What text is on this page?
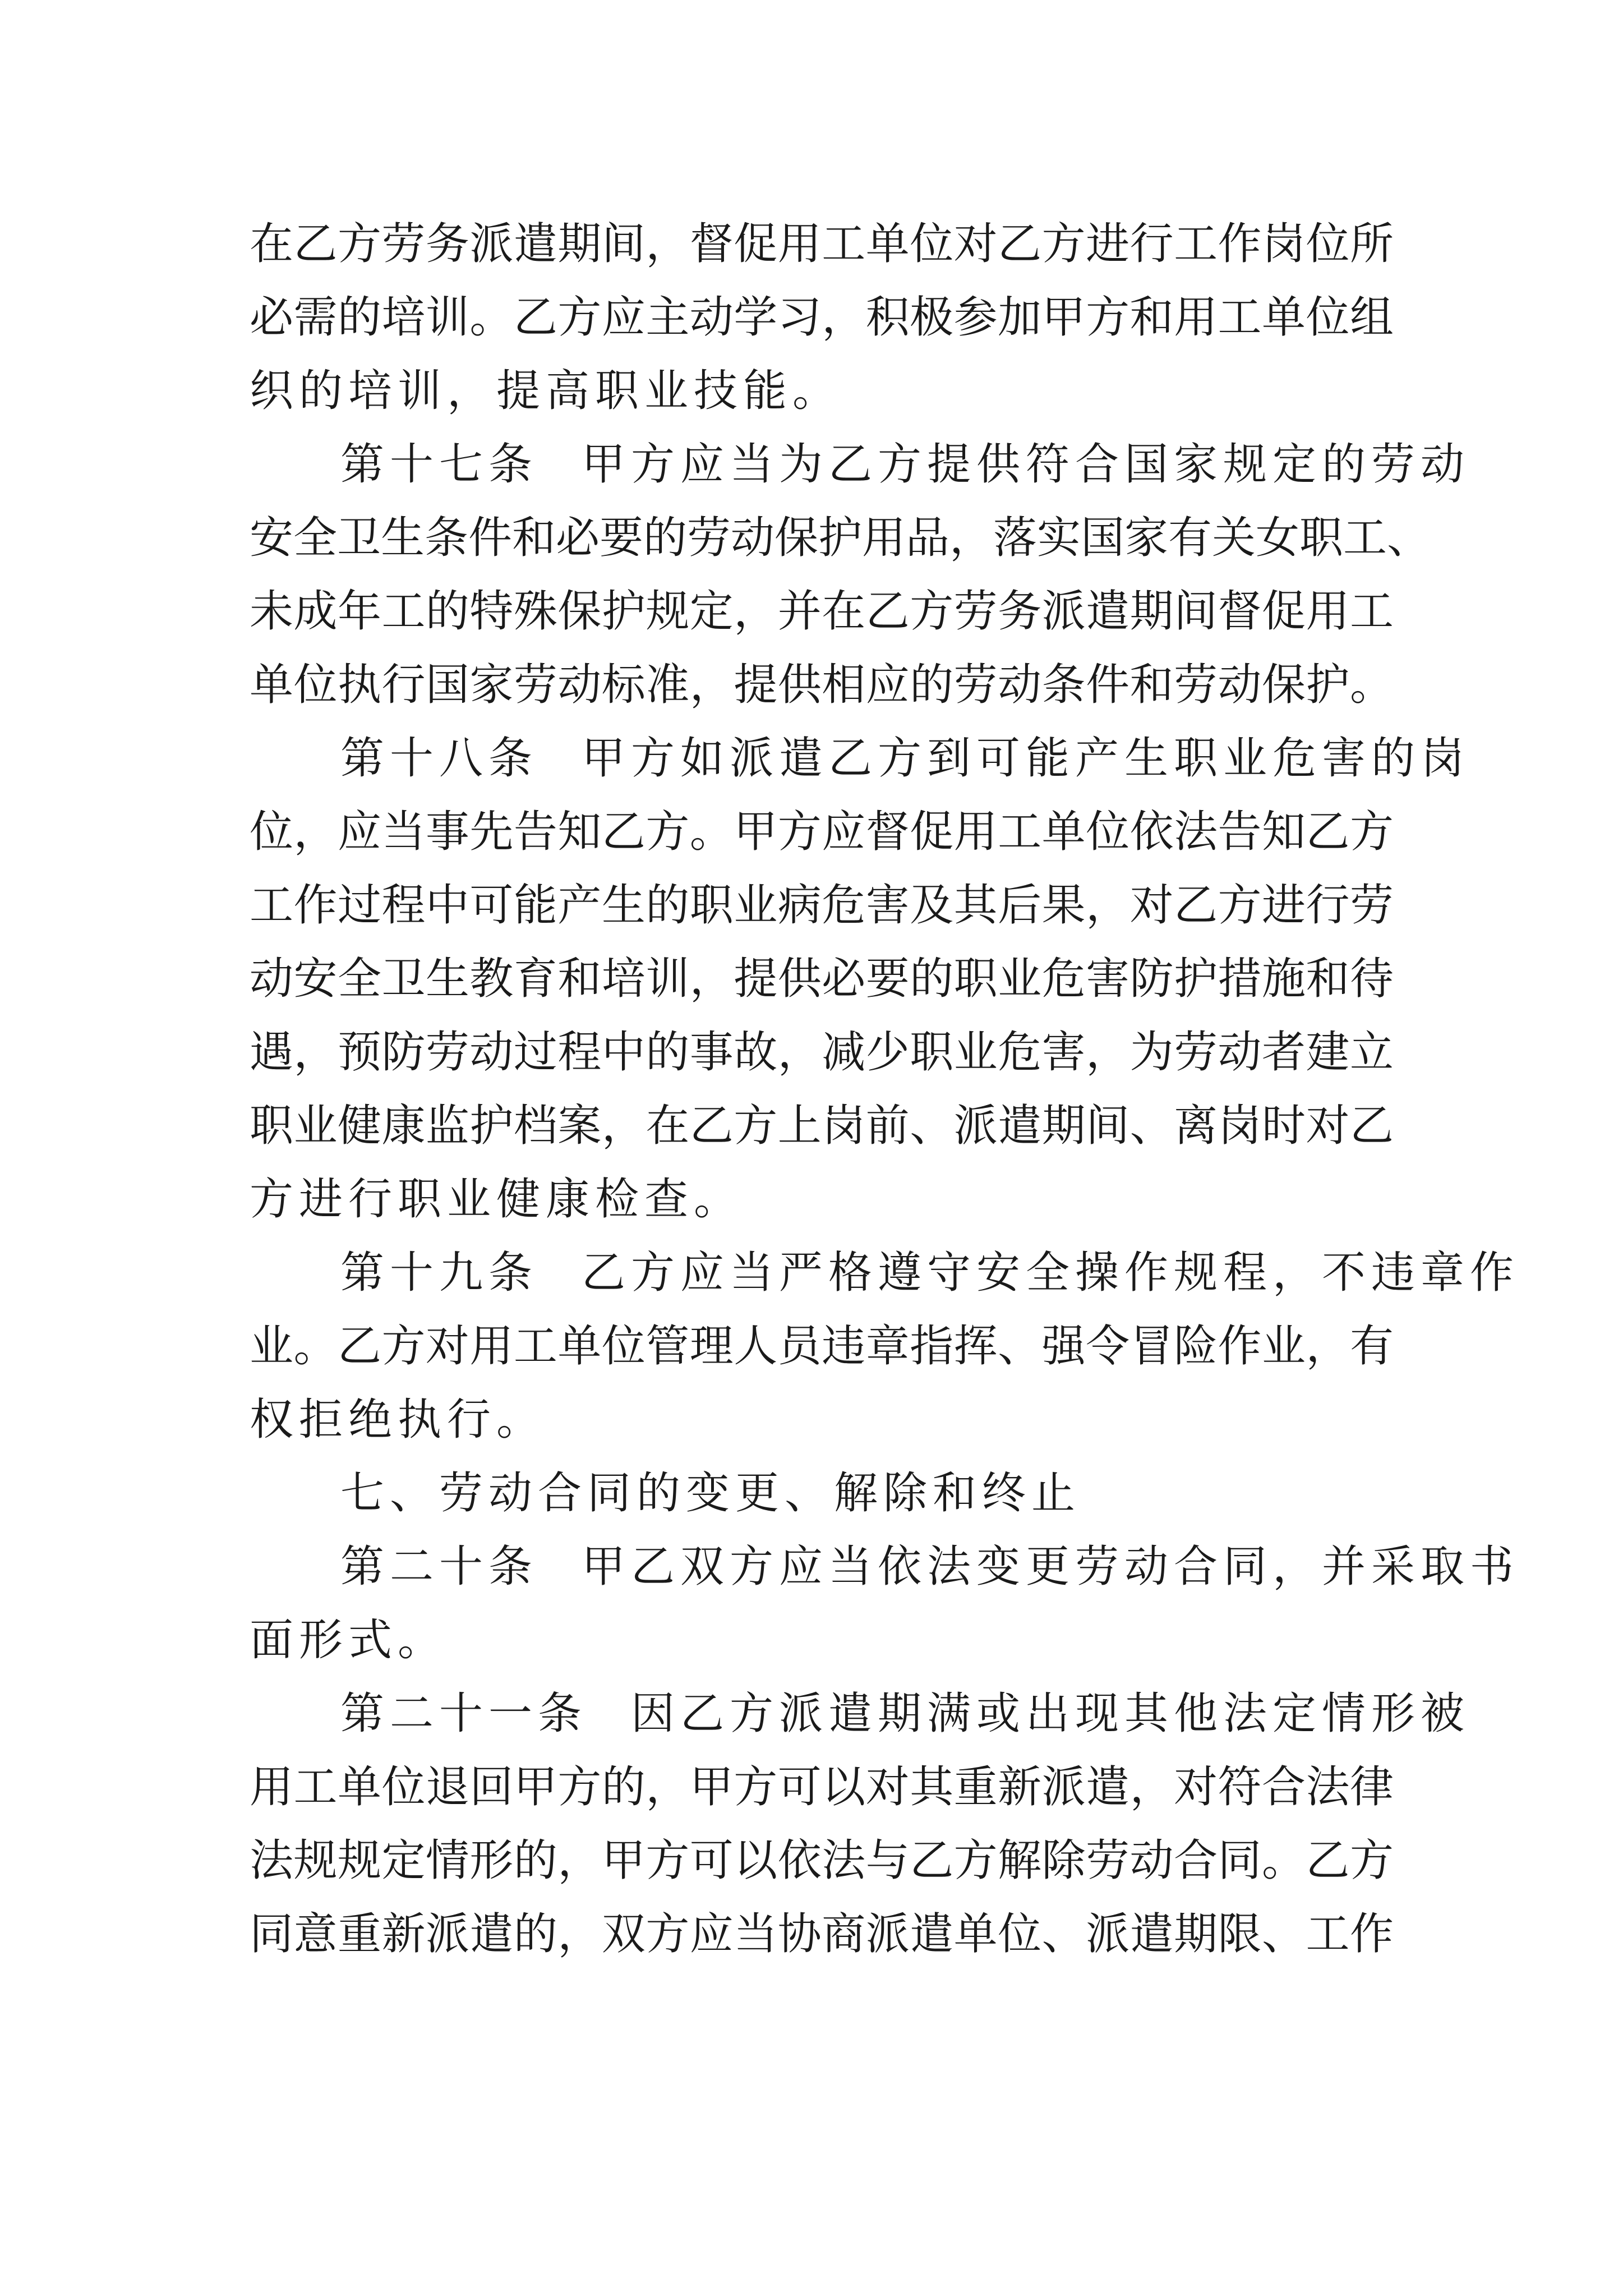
在乙方劳务派遣期间，督促用工单位对乙方进行工作岗位所
必需的培训。乙方应主动学习，积极参加甲方和用工单位组
织的培训，提高职业技能。
第十七条 甲方应当为乙方提供符合国家规定的劳动
安全卫生条件和必要的劳动保护用品，落实国家有关女职工、
未成年工的特殊保护规定，并在乙方劳务派遣期间督促用工
单位执行国家劳动标准，提供相应的劳动条件和劳动保护。
第十八条 甲方如派遣乙方到可能产生职业危害的岗
位，应当事先告知乙方。甲方应督促用工单位依法告知乙方
工作过程中可能产生的职业病危害及其后果，对乙方进行劳
动安全卫生教育和培训，提供必要的职业危害防护措施和待
遇，预防劳动过程中的事故，减少职业危害，为劳动者建立
职业健康监护档案，在乙方上岗前、派遣期间、离岗时对乙
方进行职业健康检查。
第十九条 乙方应当严格遵守安全操作规程，不违章作
业。乙方对用工单位管理人员违章指挥、强令冒险作业，有
权拒绝执行。
七、劳动合同的变更、解除和终止
第二十条 甲乙双方应当依法变更劳动合同，并采取书
面形式。
第二十一条 因乙方派遣期满或出现其他法定情形被
用工单位退回甲方的，甲方可以对其重新派遣，对符合法律
法规规定情形的，甲方可以依法与乙方解除劳动合同。乙方
同意重新派遣的，双方应当协商派遣单位、派遣期限、工作
